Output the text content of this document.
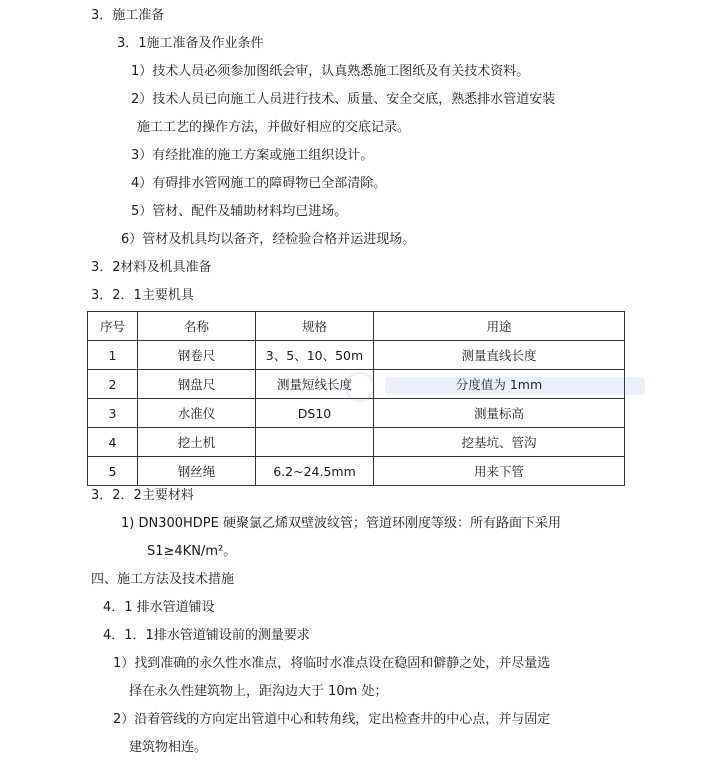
3．施工准备
3．1施工准备及作业条件
1）技术人员必须参加图纸会审，认真熟悉施工图纸及有关技术资料。
2）技术人员已向施工人员进行技术、质量、安全交底，熟悉排水管道安装
施工工艺的操作方法，并做好相应的交底记录。
3）有经批准的施工方案或施工组织设计。
4）有碍排水管网施工的障碍物已全部清除。
5）管材、配件及辅助材料均已进场。
6）管材及机具均以备齐，经检验合格并运进现场。
3．2材料及机具准备
3．2．1主要机具
序号	名称	规格	用途
1	钢卷尺	3、5、10、50m	测量直线长度
2	钢盘尺	测量短线长度	分度值为 1mm
3	水准仪	DS10	测量标高
4	挖土机		挖基坑、管沟
5	钢丝绳	6.2~24.5mm	用来下管
3．2．2主要材料
1) DN300HDPE 硬聚氯乙烯双壁波纹管；管道环刚度等级：所有路面下采用
S1≥4KN/m²。
四、施工方法及技术措施
4．1 排水管道铺设
4．1．1排水管道铺设前的测量要求
1）找到准确的永久性水准点，将临时水准点设在稳固和僻静之处，并尽量选
择在永久性建筑物上，距沟边大于 10m 处；
2）沿着管线的方向定出管道中心和转角线，定出检查井的中心点，并与固定
建筑物相连。
